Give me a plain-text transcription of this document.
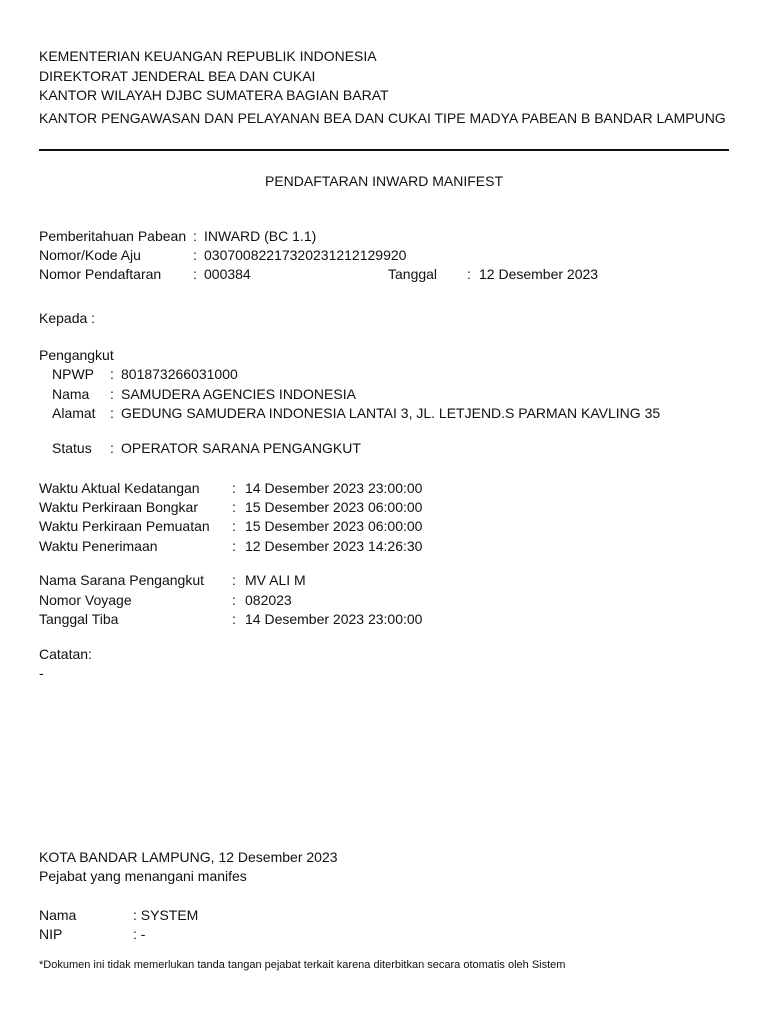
KEMENTERIAN KEUANGAN REPUBLIK INDONESIA
DIREKTORAT JENDERAL BEA DAN CUKAI
KANTOR WILAYAH DJBC SUMATERA BAGIAN BARAT
KANTOR PENGAWASAN DAN PELAYANAN BEA DAN CUKAI TIPE MADYA PABEAN B BANDAR LAMPUNG
PENDAFTARAN INWARD MANIFEST
Pemberitahuan Pabean : INWARD (BC 1.1)
Nomor/Kode Aju	: 03070082217320231212129920
Nomor Pendaftaran : 000384	Tanggal : 12 Desember 2023
Kepada :
Pengangkut
NPWP : 801873266031000
Nama : SAMUDERA AGENCIES INDONESIA
Alamat : GEDUNG SAMUDERA INDONESIA LANTAI 3, JL. LETJEND.S PARMAN KAVLING 35
Status : OPERATOR SARANA PENGANGKUT
Waktu Aktual Kedatangan : 14 Desember 2023 23:00:00
Waktu Perkiraan Bongkar : 15 Desember 2023 06:00:00
Waktu Perkiraan Pemuatan : 15 Desember 2023 06:00:00
Waktu Penerimaan	: 12 Desember 2023 14:26:30
Nama Sarana Pengangkut : MV ALI M
Nomor Voyage	: 082023
Tanggal Tiba	: 14 Desember 2023 23:00:00
Catatan:
-
KOTA BANDAR LAMPUNG, 12 Desember 2023
Pejabat yang menangani manifes
Nama	: SYSTEM
NIP	: -
*Dokumen ini tidak memerlukan tanda tangan pejabat terkait karena diterbitkan secara otomatis oleh Sistem
